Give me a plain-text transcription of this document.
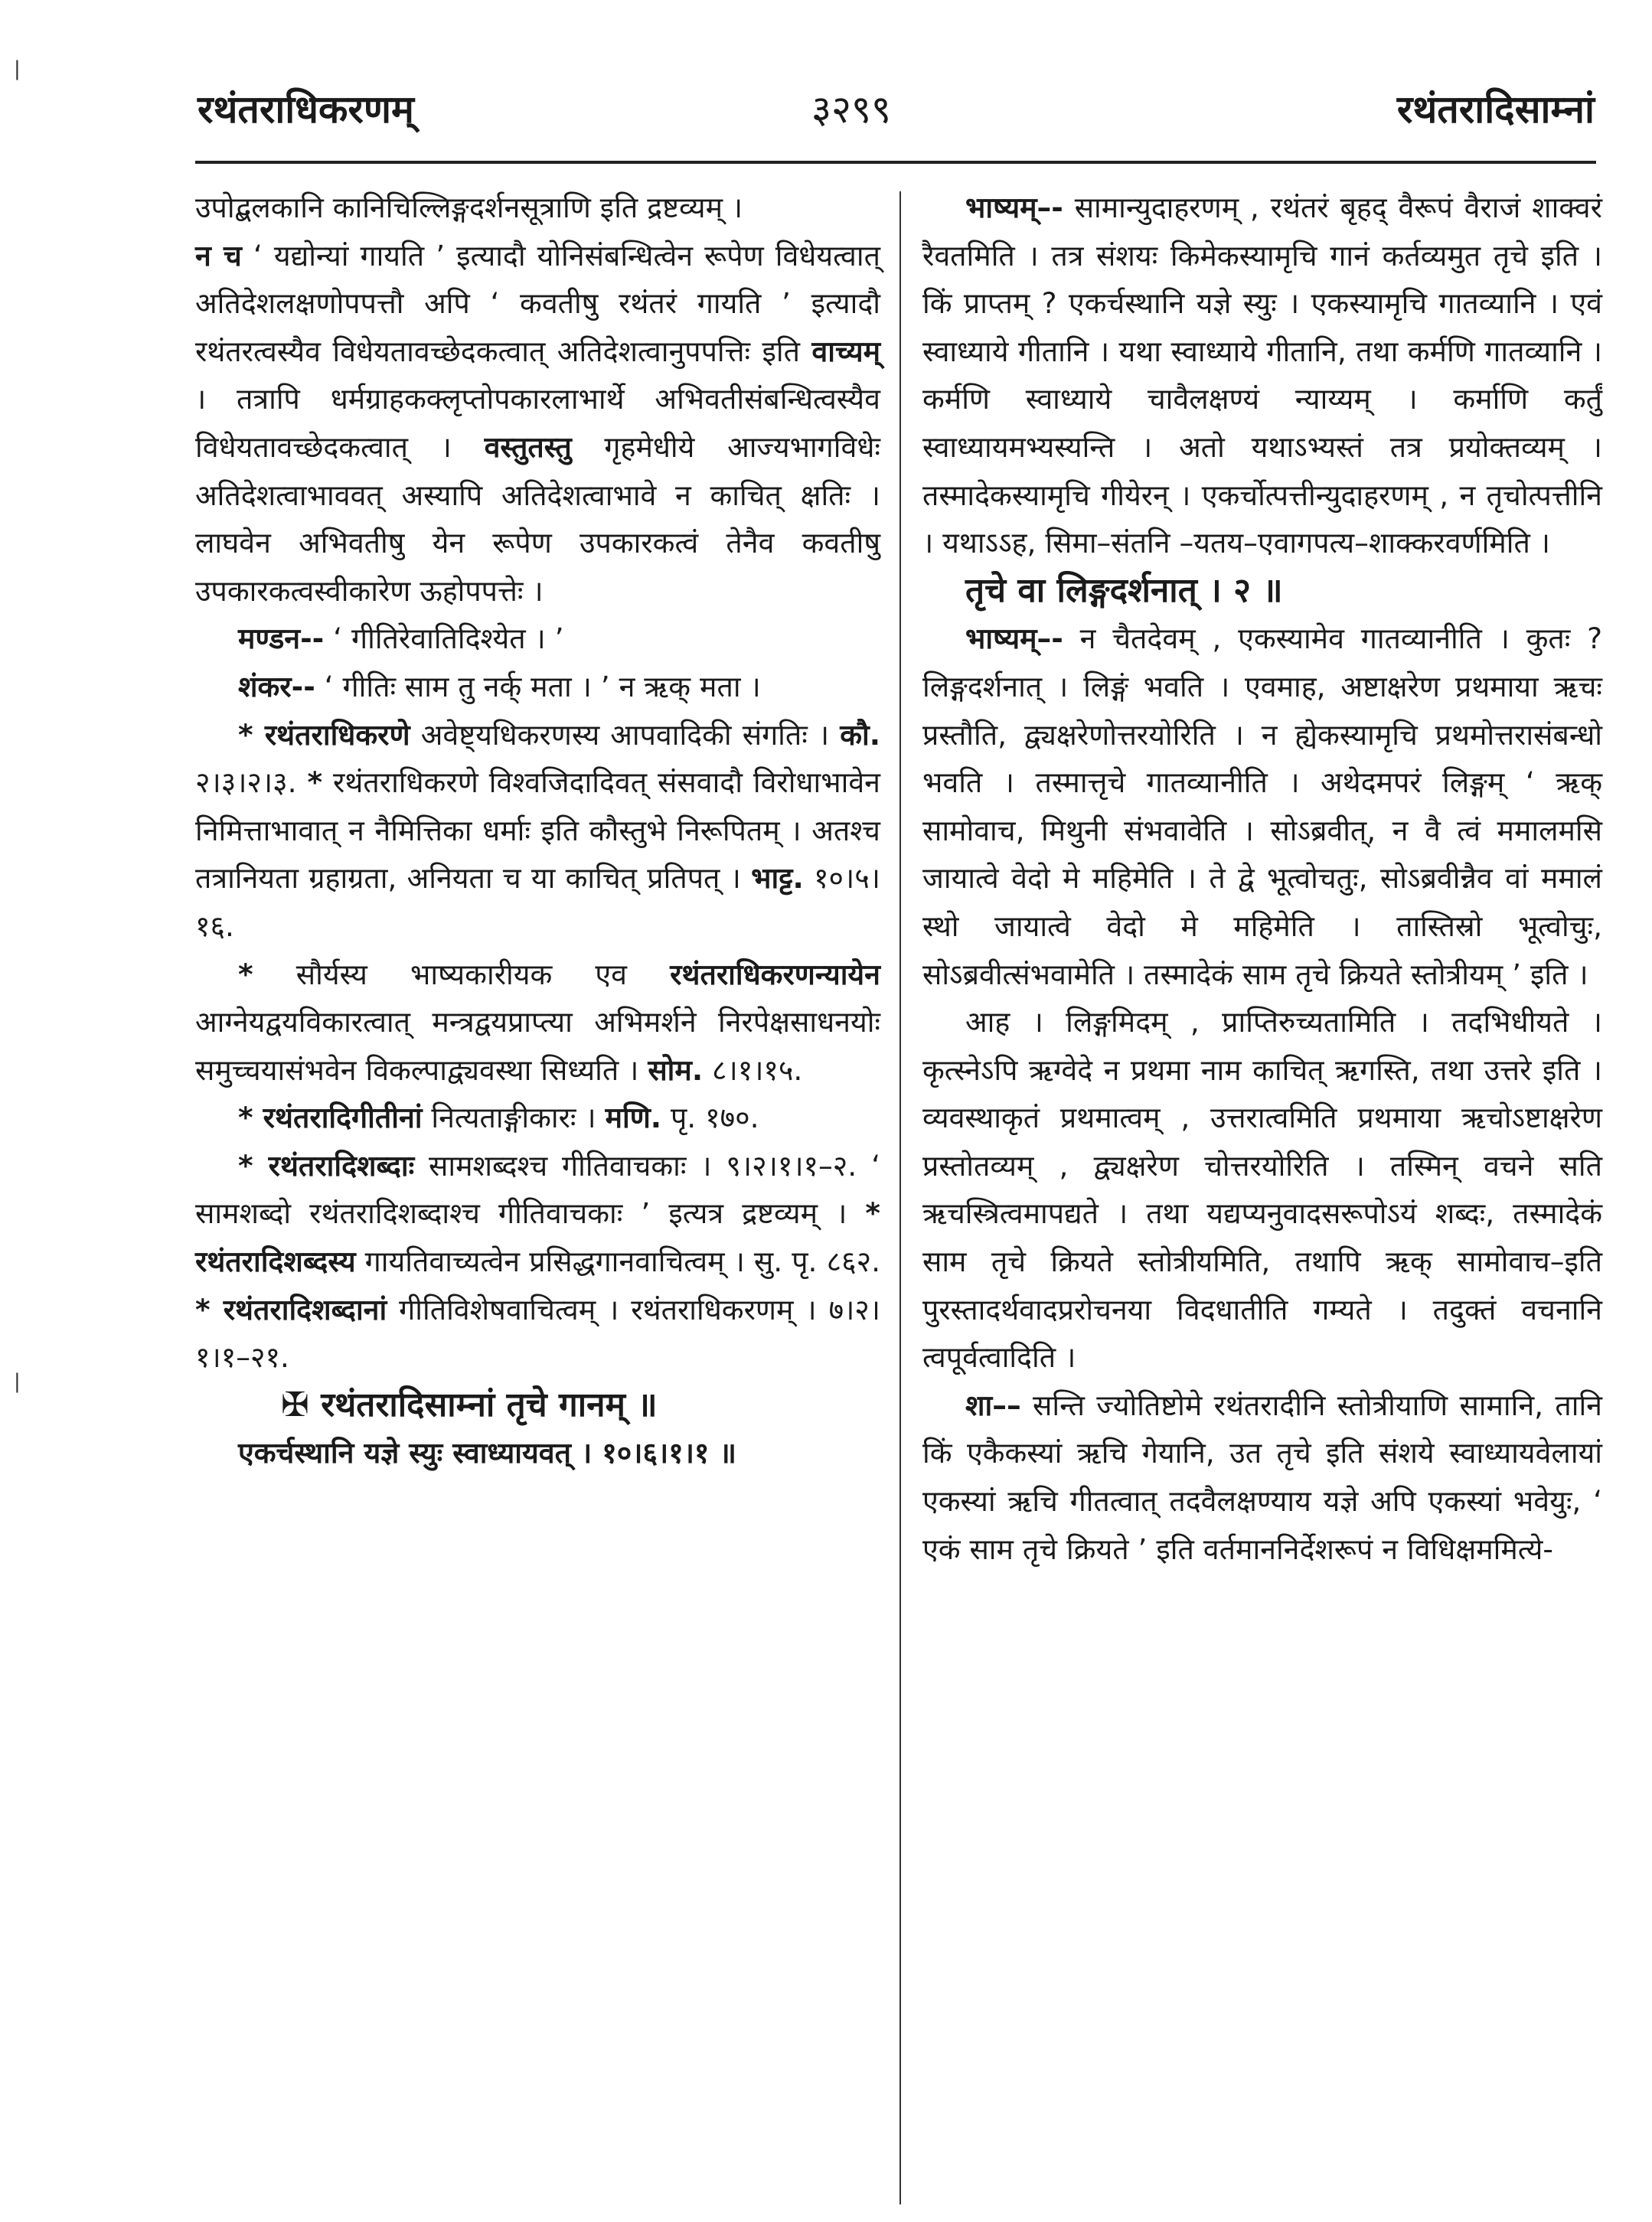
रथंतराधिकरणम्	३२९९	रथंतरादिसाम्नां
|
|

उपोद्बलकानि कानिचिल्लिङ्गदर्शनसूत्राणि इति द्रष्टव्यम् ।

न च ‘ यद्योन्यां गायति ’ इत्यादौ योनिसंबन्धित्वेन रूपेण विधेयत्वात् अतिदेशलक्षणोपपत्तौ अपि ‘ कवतीषु रथंतरं गायति ’ इत्यादौ रथंतरत्वस्यैव विधेयतावच्छेदकत्वात् अतिदेशत्वानुपपत्तिः इति वाच्यम् । तत्रापि धर्मग्राहकक्लृप्तोपकारलाभार्थे अभिवतीसंबन्धित्वस्यैव विधेयतावच्छेदकत्वात् । वस्तुतस्तु गृहमेधीये आज्यभागविधेः अतिदेशत्वाभाववत् अस्यापि अतिदेशत्वाभावे न काचित् क्षतिः । लाघवेन अभिवतीषु येन रूपेण उपकारकत्वं तेनैव कवतीषु उपकारकत्वस्वीकारेण ऊहोपपत्तेः ।

मण्डन-- ‘ गीतिरेवातिदिश्येत । ’

शंकर-- ‘ गीतिः साम तु नर्क् मता । ’ न ऋक् मता ।

* रथंतराधिकरणे अवेष्ट्यधिकरणस्य आपवादिकी संगतिः । कौ. २।३।२।३. * रथंतराधिकरणे विश्वजिदादिवत् संसवादौ विरोधाभावेन निमित्ताभावात् न नैमित्तिका धर्माः इति कौस्तुभे निरूपितम् । अतश्च तत्रानियता ग्रहाग्रता, अनियता च या काचित् प्रतिपत् । भाट्ट. १०।५।१६.

* सौर्यस्य भाष्यकारीयक एव रथंतराधिकरणन्यायेन आग्नेयद्वयविकारत्वात् मन्त्रद्वयप्राप्त्या अभिमर्शने निरपेक्षसाधनयोः समुच्चयासंभवेन विकल्पाद्व्यवस्था सिध्यति । सोम. ८।१।१५.

* रथंतरादिगीतीनां नित्यताङ्गीकारः । मणि. पृ. १७०.

* रथंतरादिशब्दाः सामशब्दश्च गीतिवाचकाः । ९।२।१।१–२. ‘ सामशब्दो रथंतरादिशब्दाश्च गीतिवाचकाः ’ इत्यत्र द्रष्टव्यम् । * रथंतरादिशब्दस्य गायतिवाच्यत्वेन प्रसिद्धगानवाचित्वम् । सु. पृ. ८६२. * रथंतरादिशब्दानां गीतिविशेषवाचित्वम् । रथंतराधिकरणम् । ७।२।१।१–२१.

✠ रथंतरादिसाम्नां तृचे गानम् ॥

एकर्चस्थानि यज्ञे स्युः स्वाध्यायवत् । १०।६।१।१ ॥

भाष्यम्–- सामान्युदाहरणम् , रथंतरं बृहद् वैरूपं वैराजं शाक्वरं रैवतमिति । तत्र संशयः किमेकस्यामृचि गानं कर्तव्यमुत तृचे इति । किं प्राप्तम् ? एकर्चस्थानि यज्ञे स्युः । एकस्यामृचि गातव्यानि । एवं स्वाध्याये गीतानि । यथा स्वाध्याये गीतानि, तथा कर्मणि गातव्यानि । कर्मणि स्वाध्याये चावैलक्षण्यं न्याय्यम् । कर्माणि कर्तुं स्वाध्यायमभ्यस्यन्ति । अतो यथाऽभ्यस्तं तत्र प्रयोक्तव्यम् । तस्मादेकस्यामृचि गीयेरन् । एकर्चोत्पत्तीन्युदाहरणम् , न तृचोत्पत्तीनि । यथाऽऽह, सिमा–संतनि –यतय–एवागपत्य–शाक्करवर्णमिति ।

तृचे वा लिङ्गदर्शनात् । २ ॥

भाष्यम्–- न चैतदेवम् , एकस्यामेव गातव्यानीति । कुतः ? लिङ्गदर्शनात् । लिङ्गं भवति । एवमाह, अष्टाक्षरेण प्रथमाया ऋचः प्रस्तौति, द्व्यक्षरेणोत्तरयोरिति । न ह्येकस्यामृचि प्रथमोत्तरासंबन्धो भवति । तस्मात्तृचे गातव्यानीति । अथेदमपरं लिङ्गम् ‘ ऋक् सामोवाच, मिथुनी संभवावेति । सोऽब्रवीत्, न वै त्वं ममालमसि जायात्वे वेदो मे महिमेति । ते द्वे भूत्वोचतुः, सोऽब्रवीन्नैव वां ममालं स्थो जायात्वे वेदो मे महिमेति । तास्तिस्रो भूत्वोचुः, सोऽब्रवीत्संभवामेति । तस्मादेकं साम तृचे क्रियते स्तोत्रीयम् ’ इति ।

आह । लिङ्गमिदम् , प्राप्तिरुच्यतामिति । तदभिधीयते । कृत्स्नेऽपि ऋग्वेदे न प्रथमा नाम काचित् ऋगस्ति, तथा उत्तरे इति । व्यवस्थाकृतं प्रथमात्वम् , उत्तरात्वमिति प्रथमाया ऋचोऽष्टाक्षरेण प्रस्तोतव्यम् , द्व्यक्षरेण चोत्तरयोरिति । तस्मिन् वचने सति ऋचस्त्रित्वमापद्यते । तथा यद्यप्यनुवादसरूपोऽयं शब्दः, तस्मादेकं साम तृचे क्रियते स्तोत्रीयमिति, तथापि ऋक् सामोवाच–इति पुरस्तादर्थवादप्ररोचनया विदधातीति गम्यते । तदुक्तं वचनानि त्वपूर्वत्वादिति ।

शा–– सन्ति ज्योतिष्टोमे रथंतरादीनि स्तोत्रीयाणि सामानि, तानि किं एकैकस्यां ऋचि गेयानि, उत तृचे इति संशये स्वाध्यायवेलायां एकस्यां ऋचि गीतत्वात् तदवैलक्षण्याय यज्ञे अपि एकस्यां भवेयुः, ‘ एकं साम तृचे क्रियते ’ इति वर्तमाननिर्देशरूपं न विधिक्षममित्ये-
